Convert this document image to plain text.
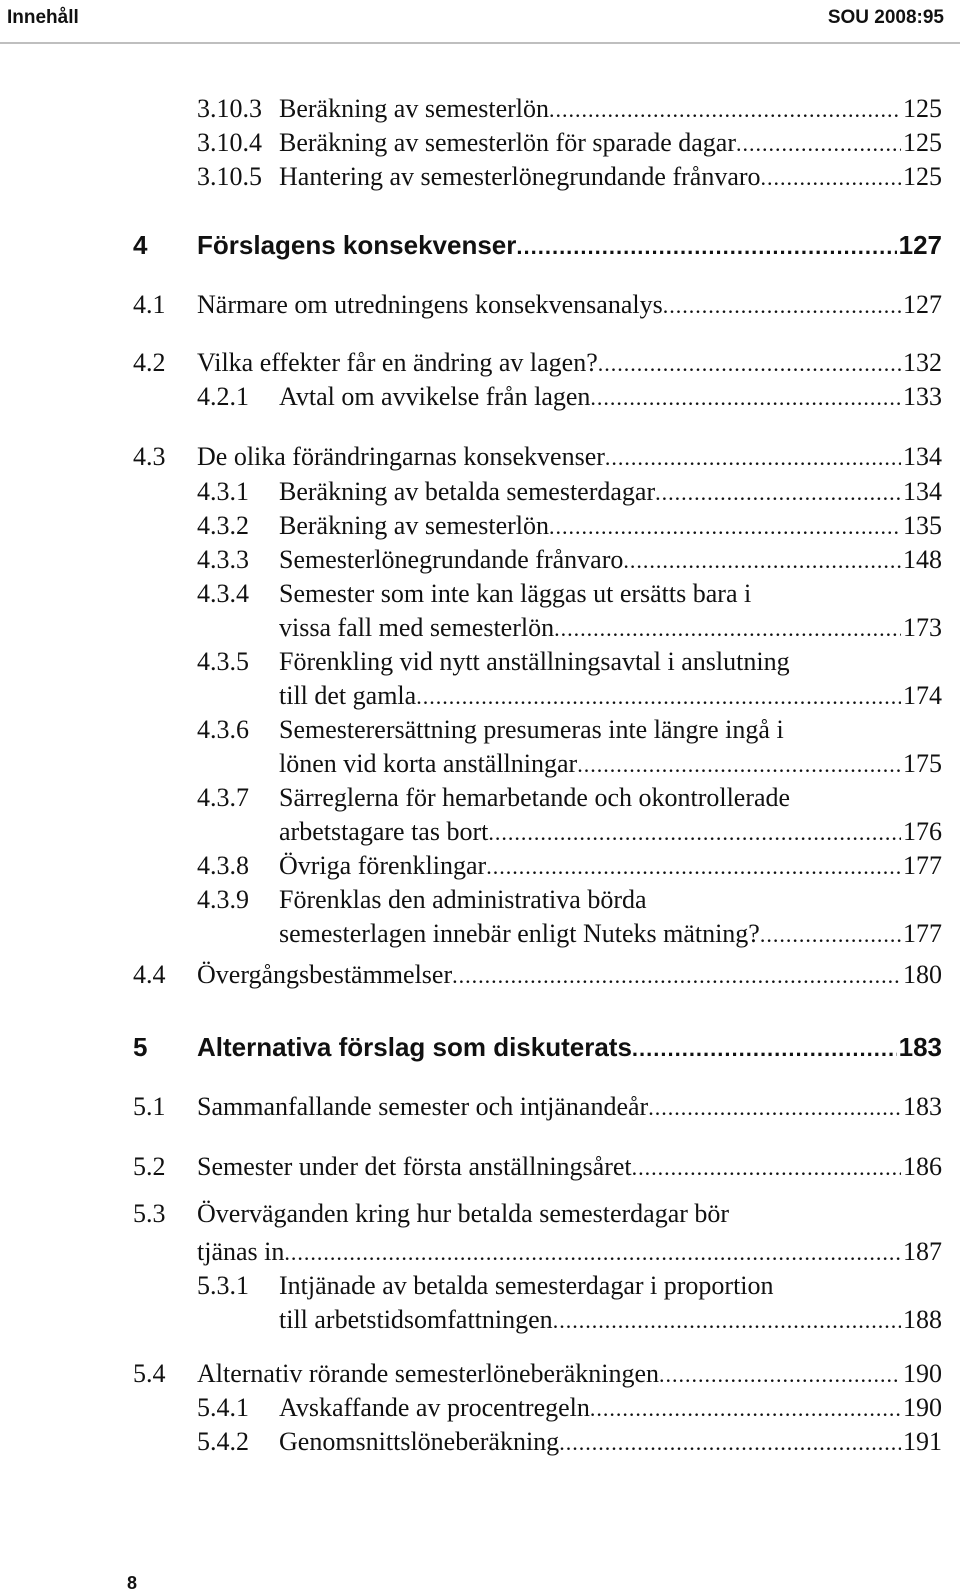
Innehåll	SOU 2008:95
3.10.3 Beräkning av semesterlön .....	125
3.10.4 Beräkning av semesterlön för sparade dagar .....	125
3.10.5 Hantering av semesterlönegrundande frånvaro .....	125
4 Förslagens konsekvenser .....	127
4.1 Närmare om utredningens konsekvensanalys .....	127
4.2 Vilka effekter får en ändring av lagen? .....	132
4.2.1 Avtal om avvikelse från lagen .....	133
4.3 De olika förändringarnas konsekvenser .....	134
4.3.1 Beräkning av betalda semesterdagar .....	134
4.3.2 Beräkning av semesterlön .....	135
4.3.3 Semesterlönegrundande frånvaro .....	148
4.3.4 Semester som inte kan läggas ut ersätts bara i
vissa fall med semesterlön .....	173
4.3.5 Förenkling vid nytt anställningsavtal i anslutning
till det gamla .....	174
4.3.6 Semesterersättning presumeras inte längre ingå i
lönen vid korta anställningar .....	175
4.3.7 Särreglerna för hemarbetande och okontrollerade
arbetstagare tas bort .....	176
4.3.8 Övriga förenklingar .....	177
4.3.9 Förenklas den administrativa börda
semesterlagen innebär enligt Nuteks mätning? .....	177
4.4 Övergångsbestämmelser .....	180
5 Alternativa förslag som diskuterats .....	183
5.1 Sammanfallande semester och intjänandeår .....	183
5.2 Semester under det första anställningsåret .....	186
5.3 Överväganden kring hur betalda semesterdagar bör
tjänas in .....	187
5.3.1 Intjänade av betalda semesterdagar i proportion
till arbetstidsomfattningen .....	188
5.4 Alternativ rörande semesterlöneberäkningen .....	190
5.4.1 Avskaffande av procentregeln .....	190
5.4.2 Genomsnittslöneberäkning .....	191
8
